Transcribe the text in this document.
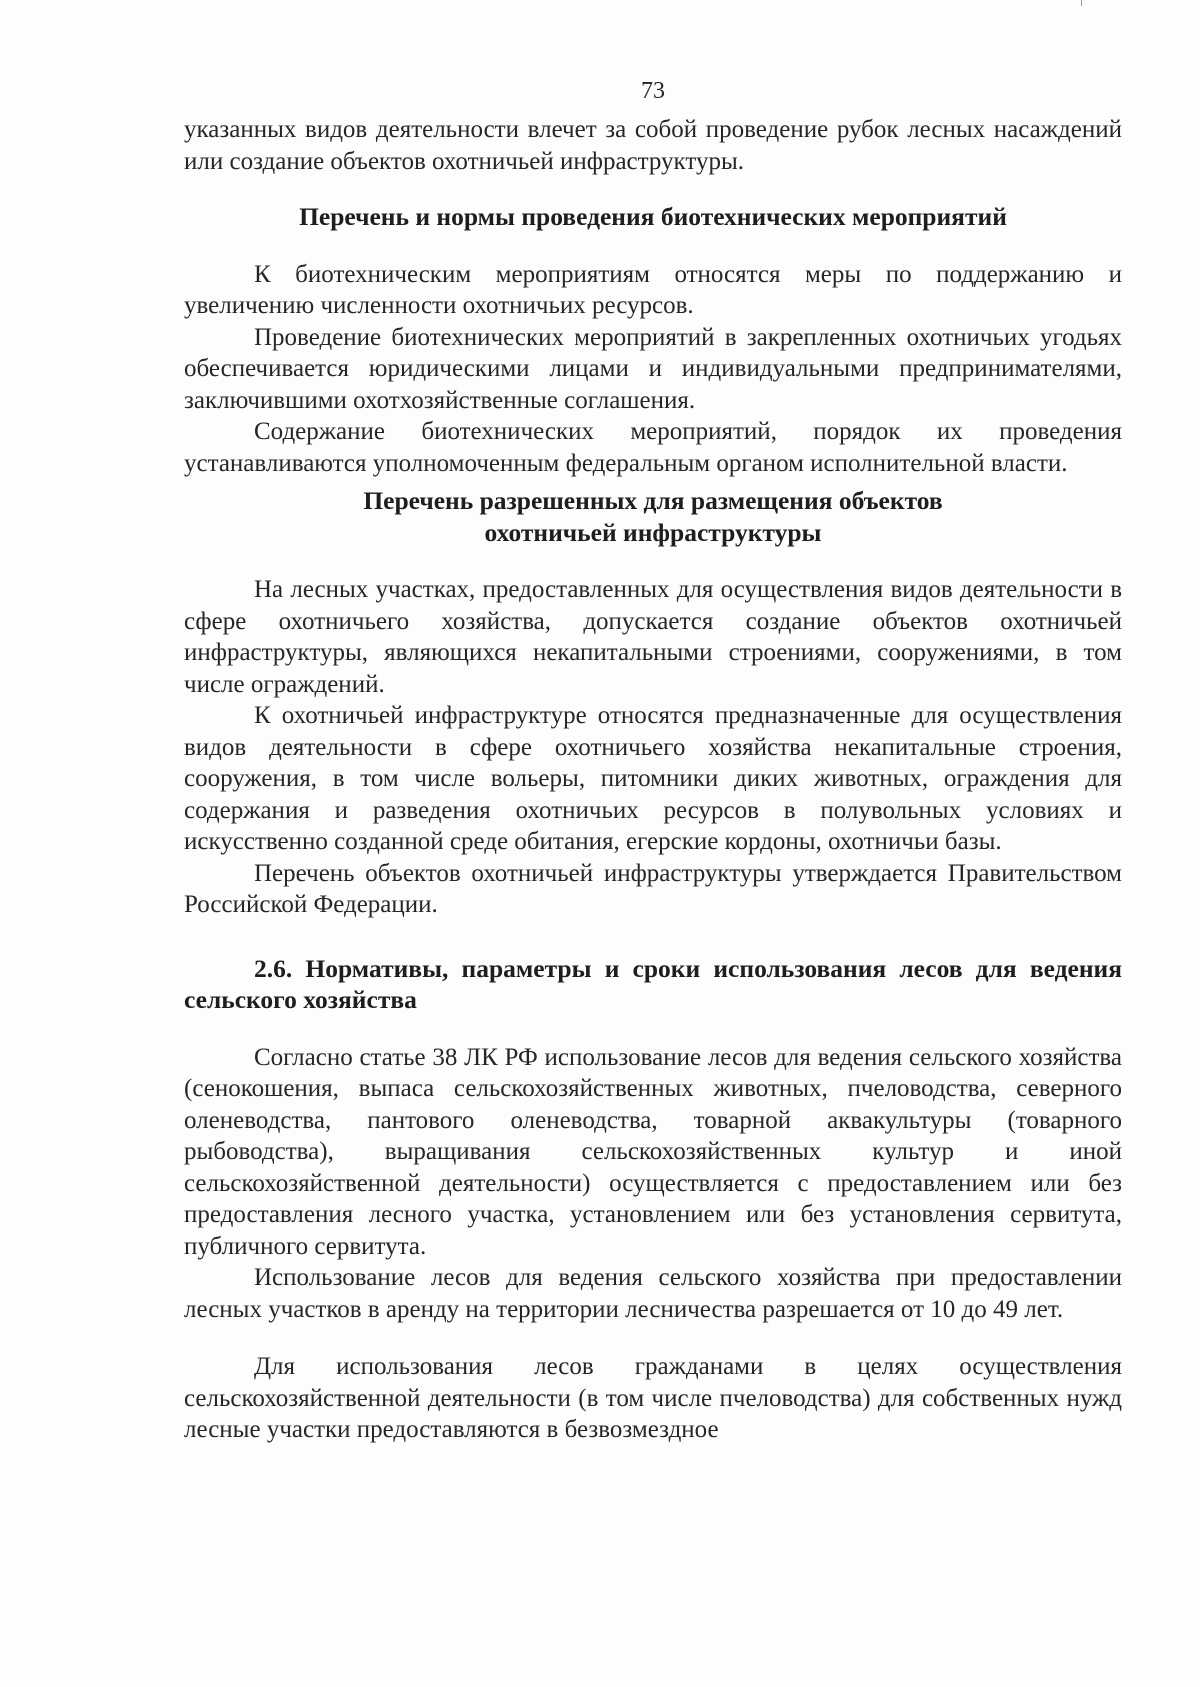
73

указанных видов деятельности влечет за собой проведение рубок лесных насаждений или создание объектов охотничьей инфраструктуры.

Перечень и нормы проведения биотехнических мероприятий

К биотехническим мероприятиям относятся меры по поддержанию и увеличению численности охотничьих ресурсов.

Проведение биотехнических мероприятий в закрепленных охотничьих угодьях обеспечивается юридическими лицами и индивидуальными предпринимателями, заключившими охотхозяйственные соглашения.

Содержание биотехнических мероприятий, порядок их проведения устанавливаются уполномоченным федеральным органом исполнительной власти.

Перечень разрешенных для размещения объектов
охотничьей инфраструктуры

На лесных участках, предоставленных для осуществления видов деятельности в сфере охотничьего хозяйства, допускается создание объектов охотничьей инфраструктуры, являющихся некапитальными строениями, сооружениями, в том числе ограждений.

К охотничьей инфраструктуре относятся предназначенные для осуществления видов деятельности в сфере охотничьего хозяйства некапитальные строения, сооружения, в том числе вольеры, питомники диких животных, ограждения для содержания и разведения охотничьих ресурсов в полувольных условиях и искусственно созданной среде обитания, егерские кордоны, охотничьи базы.

Перечень объектов охотничьей инфраструктуры утверждается Правительством Российской Федерации.

2.6. Нормативы, параметры и сроки использования лесов для ведения сельского хозяйства

Согласно статье 38 ЛК РФ использование лесов для ведения сельского хозяйства (сенокошения, выпаса сельскохозяйственных животных, пчеловодства, северного оленеводства, пантового оленеводства, товарной аквакультуры (товарного рыбоводства), выращивания сельскохозяйственных культур и иной сельскохозяйственной деятельности) осуществляется с предоставлением или без предоставления лесного участка, установлением или без установления сервитута, публичного сервитута.

Использование лесов для ведения сельского хозяйства при предоставлении лесных участков в аренду на территории лесничества разрешается от 10 до 49 лет.

Для использования лесов гражданами в целях осуществления сельскохозяйственной деятельности (в том числе пчеловодства) для собственных нужд лесные участки предоставляются в безвозмездное
